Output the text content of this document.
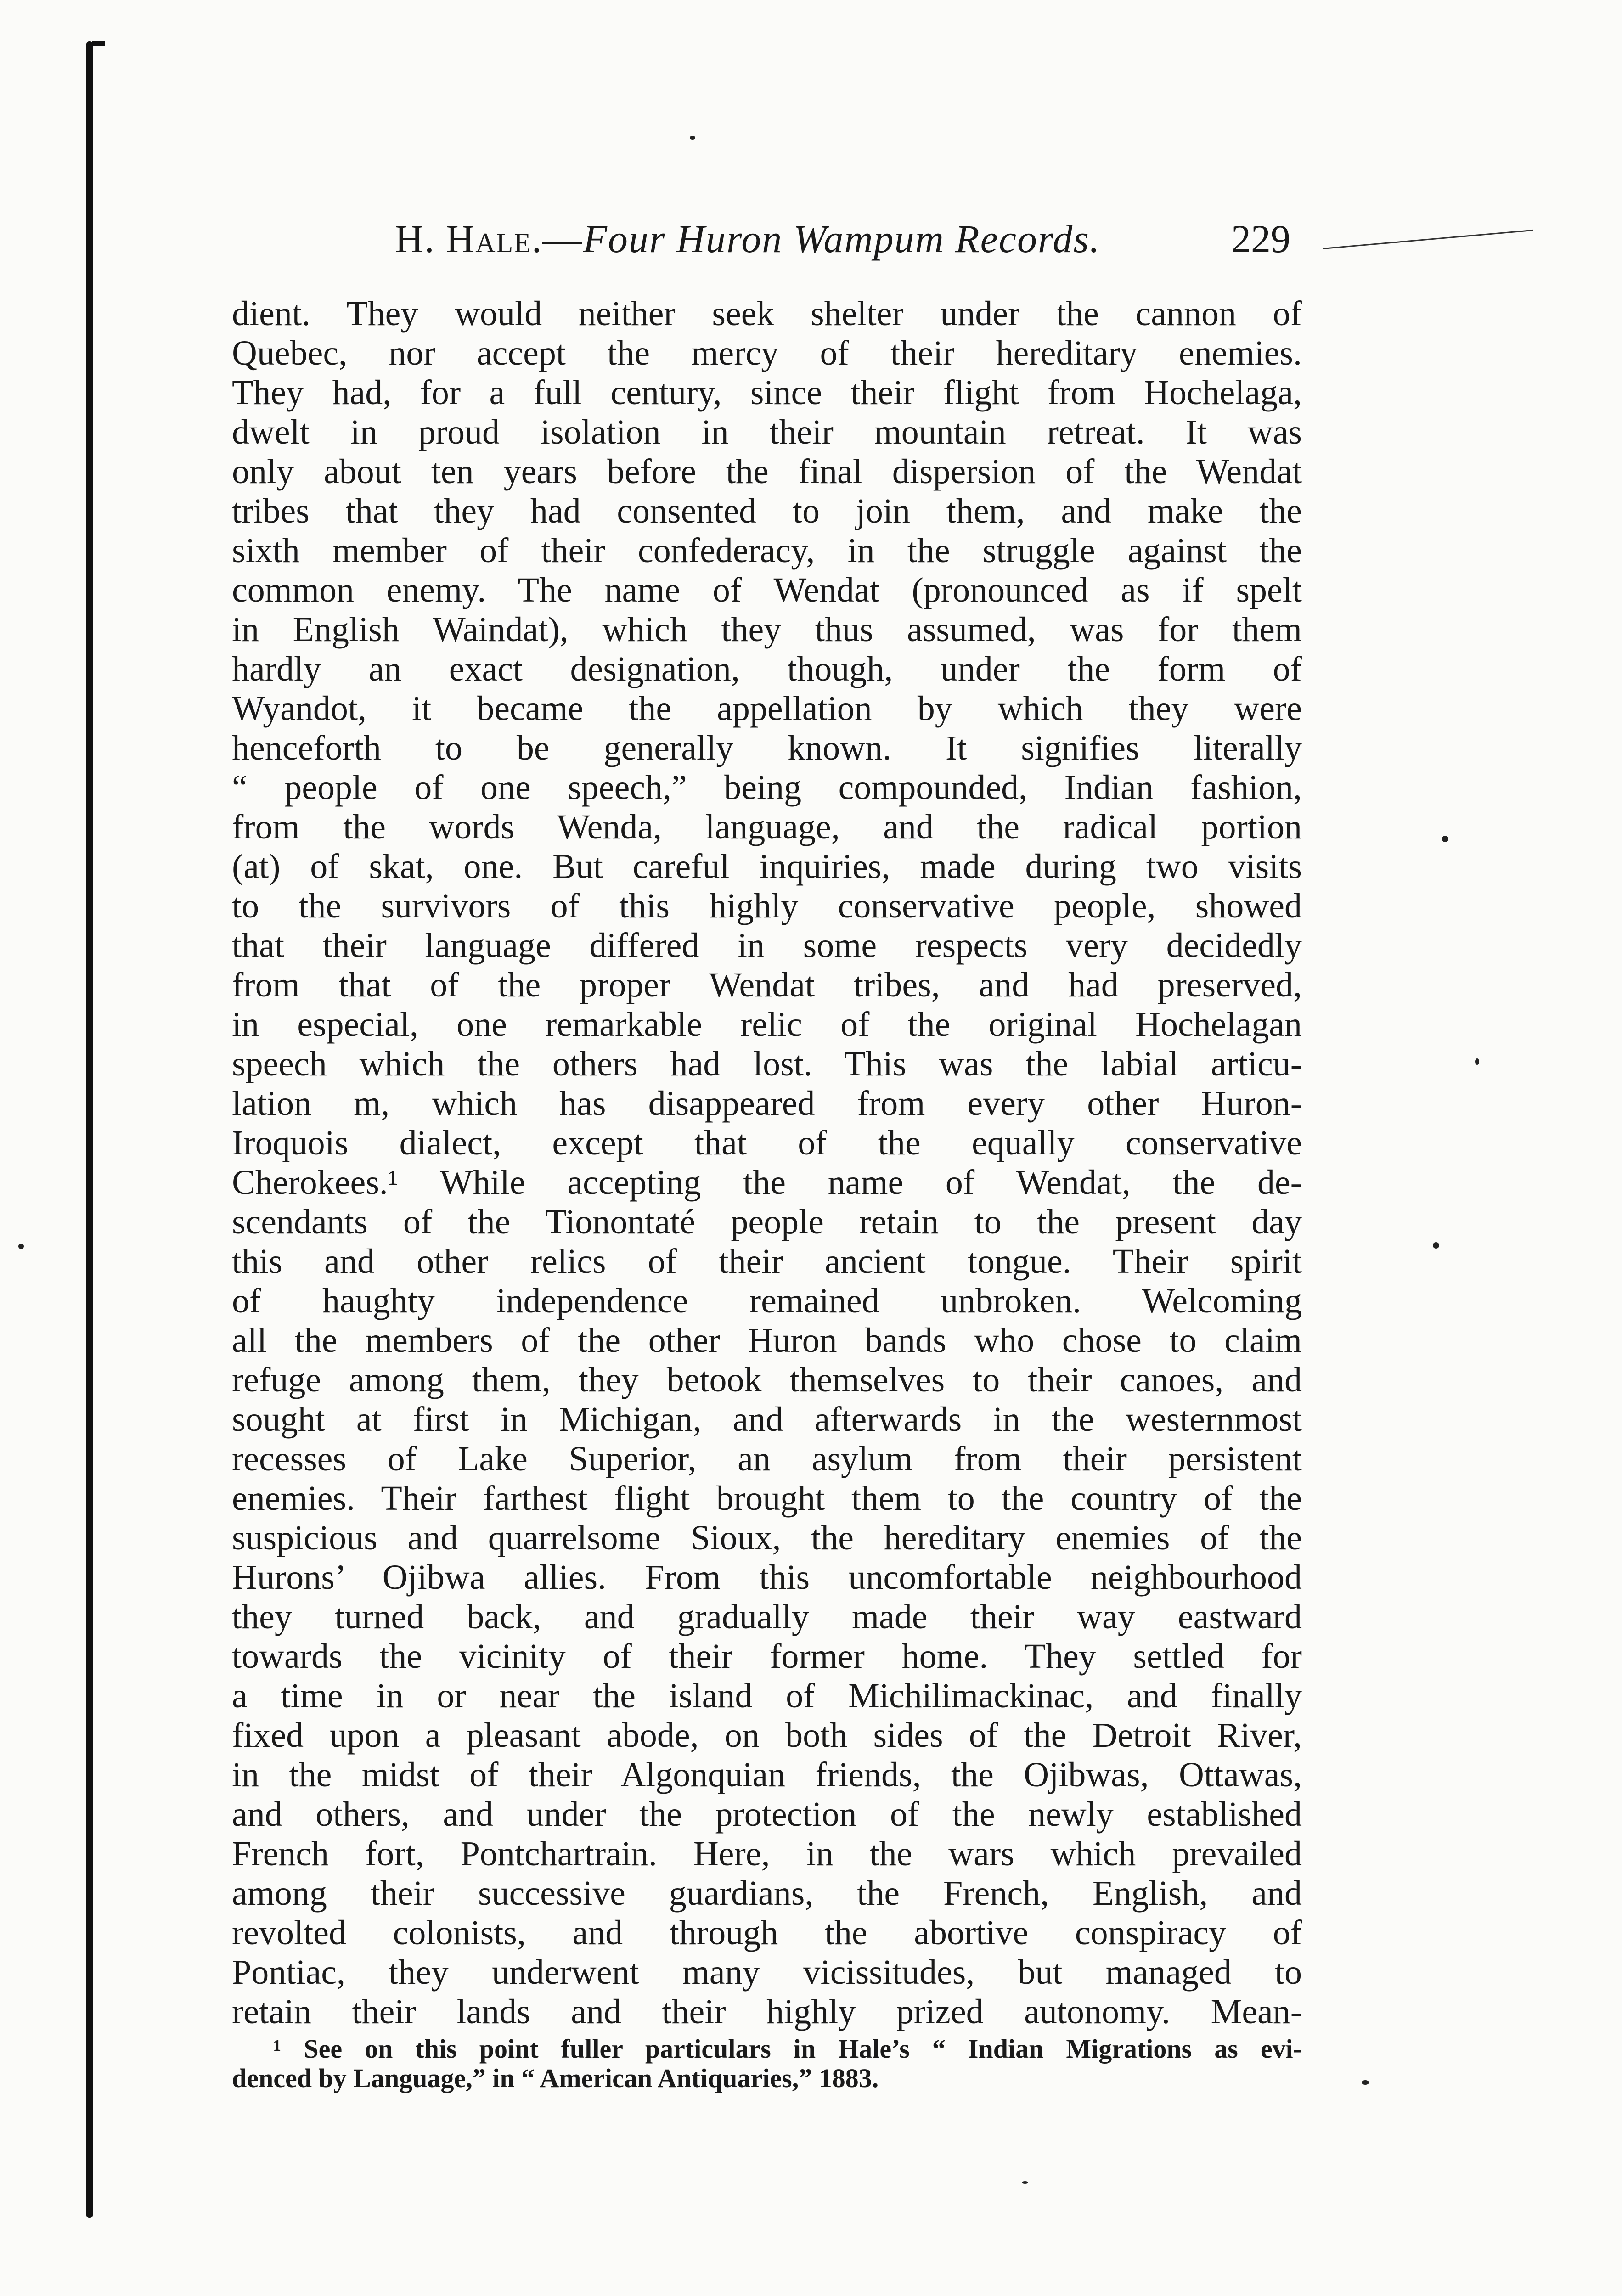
H. Hale.—Four Huron Wampum Records.	229
dient. They would neither seek shelter under the cannon of
Quebec, nor accept the mercy of their hereditary enemies.
They had, for a full century, since their flight from Hochelaga,
dwelt in proud isolation in their mountain retreat. It was
only about ten years before the final dispersion of the Wendat
tribes that they had consented to join them, and make the
sixth member of their confederacy, in the struggle against the
common enemy. The name of Wendat (pronounced as if spelt
in English Waindat), which they thus assumed, was for them
hardly an exact designation, though, under the form of
Wyandot, it became the appellation by which they were
henceforth to be generally known. It signifies literally
“ people of one speech,” being compounded, Indian fashion,
from the words Wenda, language, and the radical portion
(at) of skat, one. But careful inquiries, made during two visits
to the survivors of this highly conservative people, showed
that their language differed in some respects very decidedly
from that of the proper Wendat tribes, and had preserved,
in especial, one remarkable relic of the original Hochelagan
speech which the others had lost. This was the labial articu-
lation m, which has disappeared from every other Huron-
Iroquois dialect, except that of the equally conservative
Cherokees.¹ While accepting the name of Wendat, the de-
scendants of the Tionontaté people retain to the present day
this and other relics of their ancient tongue. Their spirit
of haughty independence remained unbroken. Welcoming
all the members of the other Huron bands who chose to claim
refuge among them, they betook themselves to their canoes, and
sought at first in Michigan, and afterwards in the westernmost
recesses of Lake Superior, an asylum from their persistent
enemies. Their farthest flight brought them to the country of the
suspicious and quarrelsome Sioux, the hereditary enemies of the
Hurons’ Ojibwa allies. From this uncomfortable neighbourhood
they turned back, and gradually made their way eastward
towards the vicinity of their former home. They settled for
a time in or near the island of Michilimackinac, and finally
fixed upon a pleasant abode, on both sides of the Detroit River,
in the midst of their Algonquian friends, the Ojibwas, Ottawas,
and others, and under the protection of the newly established
French fort, Pontchartrain. Here, in the wars which prevailed
among their successive guardians, the French, English, and
revolted colonists, and through the abortive conspiracy of
Pontiac, they underwent many vicissitudes, but managed to
retain their lands and their highly prized autonomy. Mean-
¹ See on this point fuller particulars in Hale’s “ Indian Migrations as evi-
denced by Language,” in “ American Antiquaries,” 1883.
